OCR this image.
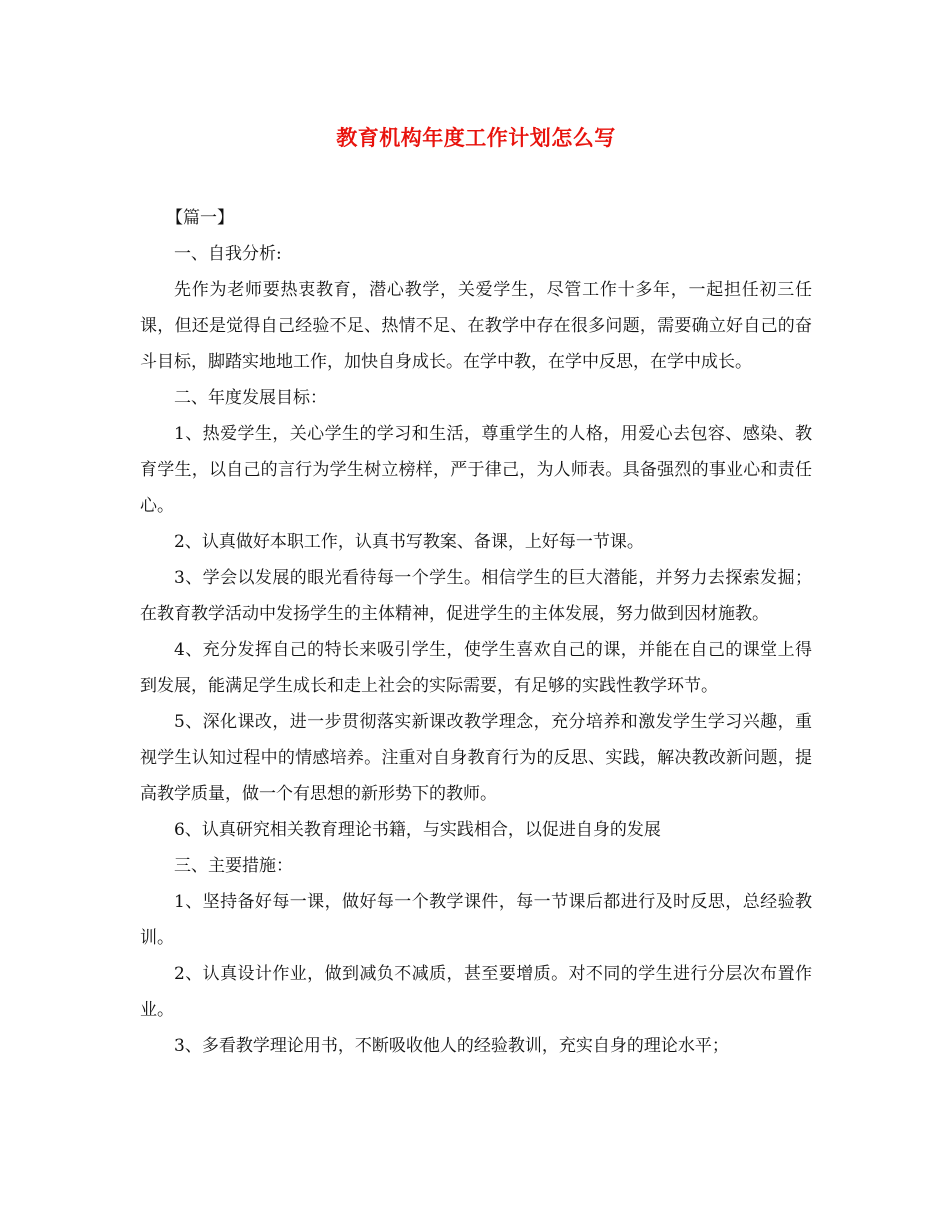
教育机构年度工作计划怎么写

【篇一】

一、自我分析:

先作为老师要热衷教育，潜心教学，关爱学生，尽管工作十多年，一起担任初三任课，但还是觉得自己经验不足、热情不足、在教学中存在很多问题，需要确立好自己的奋斗目标，脚踏实地地工作，加快自身成长。在学中教，在学中反思，在学中成长。

二、年度发展目标：

1、热爱学生，关心学生的学习和生活，尊重学生的人格，用爱心去包容、感染、教育学生，以自己的言行为学生树立榜样，严于律己，为人师表。具备强烈的事业心和责任心。

2、认真做好本职工作，认真书写教案、备课，上好每一节课。

3、学会以发展的眼光看待每一个学生。相信学生的巨大潜能，并努力去探索发掘；在教育教学活动中发扬学生的主体精神，促进学生的主体发展，努力做到因材施教。

4、充分发挥自己的特长来吸引学生，使学生喜欢自己的课，并能在自己的课堂上得到发展，能满足学生成长和走上社会的实际需要，有足够的实践性教学环节。

5、深化课改，进一步贯彻落实新课改教学理念，充分培养和激发学生学习兴趣，重视学生认知过程中的情感培养。注重对自身教育行为的反思、实践，解决教改新问题，提高教学质量，做一个有思想的新形势下的教师。

6、认真研究相关教育理论书籍，与实践相合，以促进自身的发展

三、主要措施：

1、坚持备好每一课，做好每一个教学课件，每一节课后都进行及时反思，总经验教训。

2、认真设计作业，做到减负不减质，甚至要增质。对不同的学生进行分层次布置作业。

3、多看教学理论用书，不断吸收他人的经验教训，充实自身的理论水平；
